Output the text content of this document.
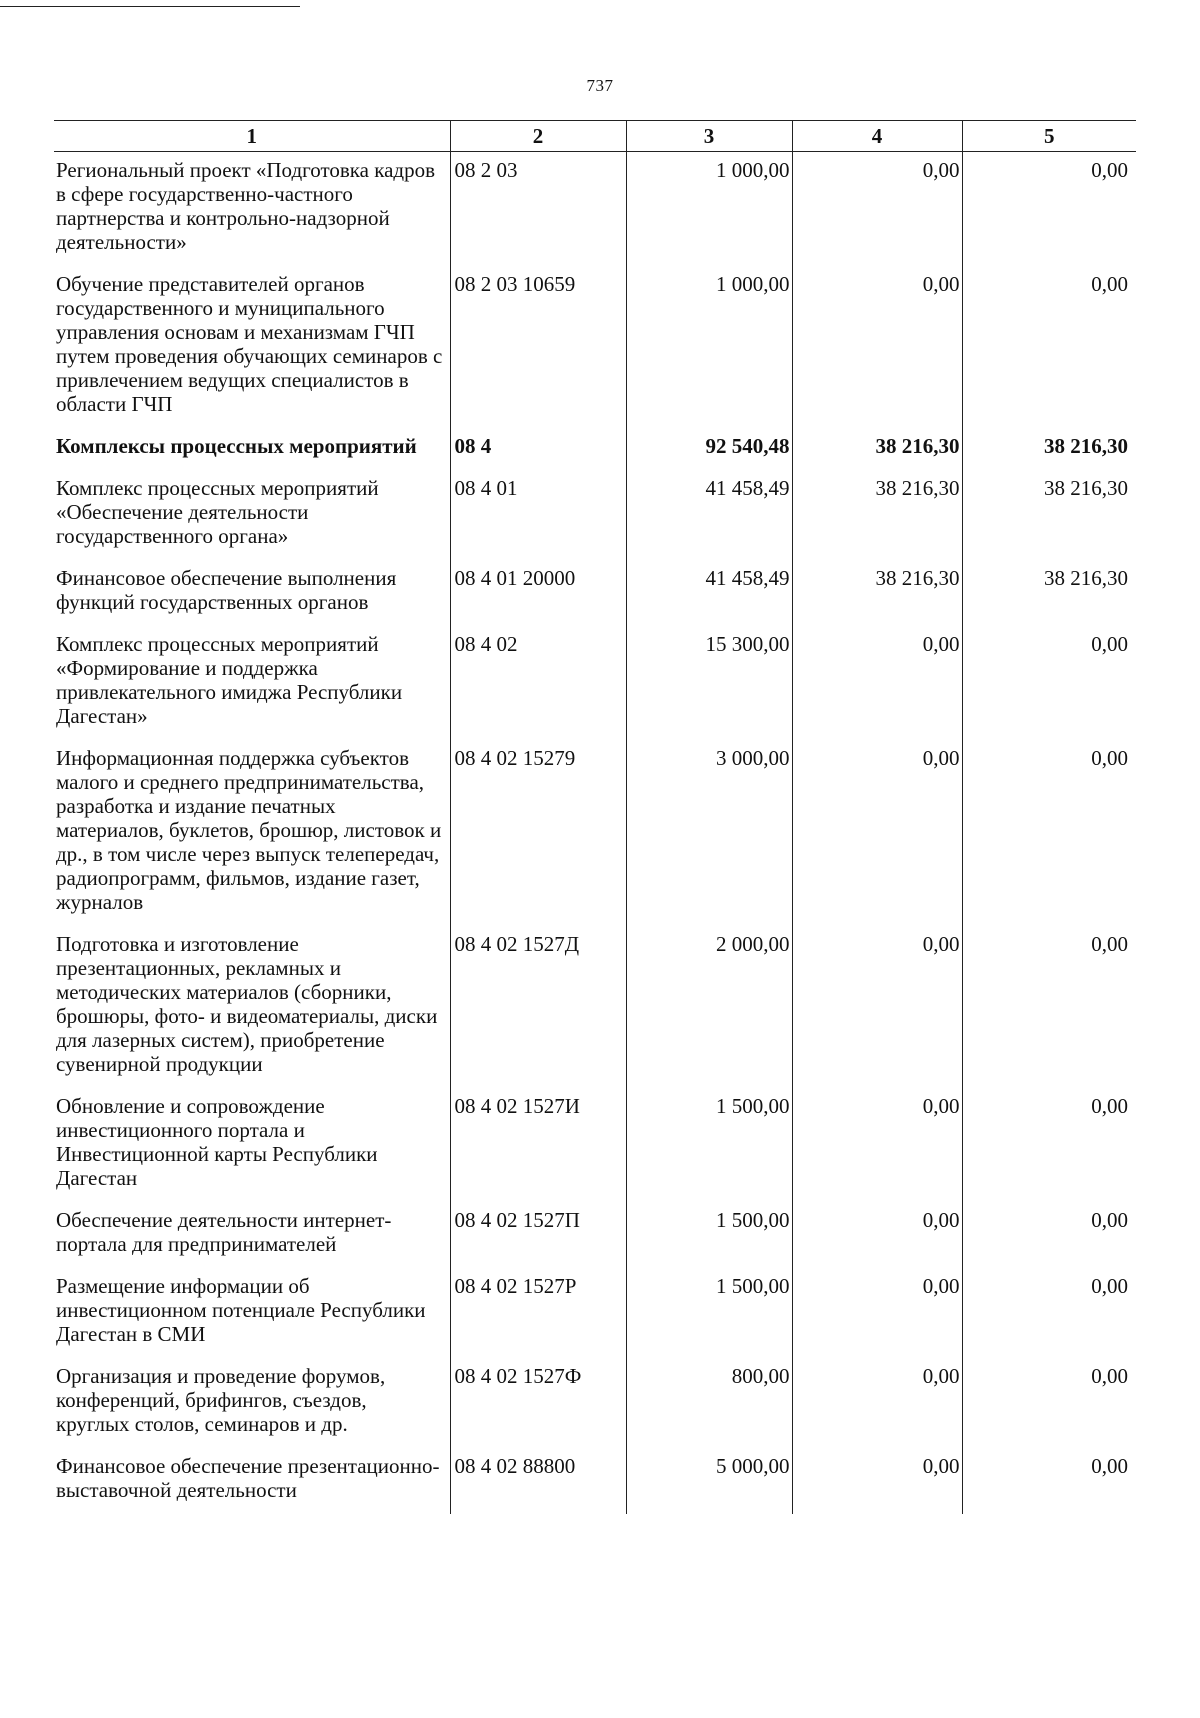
737
1	2	3	4	5
Региональный проект «Подготовка кадров в сфере государственно-частного партнерства и контрольно-надзорной деятельности»	08 2 03	1 000,00	0,00	0,00
Обучение представителей органов государственного и муниципального управления основам и механизмам ГЧП путем проведения обучающих семинаров с привлечением ведущих специалистов в области ГЧП	08 2 03 10659	1 000,00	0,00	0,00
Комплексы процессных мероприятий	08 4	92 540,48	38 216,30	38 216,30
Комплекс процессных мероприятий «Обеспечение деятельности государственного органа»	08 4 01	41 458,49	38 216,30	38 216,30
Финансовое обеспечение выполнения функций государственных органов	08 4 01 20000	41 458,49	38 216,30	38 216,30
Комплекс процессных мероприятий «Формирование и поддержка привлекательного имиджа Республики Дагестан»	08 4 02	15 300,00	0,00	0,00
Информационная поддержка субъектов малого и среднего предпринимательства, разработка и издание печатных материалов, буклетов, брошюр, листовок и др., в том числе через выпуск телепередач, радиопрограмм, фильмов, издание газет, журналов	08 4 02 15279	3 000,00	0,00	0,00
Подготовка и изготовление презентационных, рекламных и методических материалов (сборники, брошюры, фото- и видеоматериалы, диски для лазерных систем), приобретение сувенирной продукции	08 4 02 1527Д	2 000,00	0,00	0,00
Обновление и сопровождение инвестиционного портала и Инвестиционной карты Республики Дагестан	08 4 02 1527И	1 500,00	0,00	0,00
Обеспечение деятельности интернет-портала для предпринимателей	08 4 02 1527П	1 500,00	0,00	0,00
Размещение информации об инвестиционном потенциале Республики Дагестан в СМИ	08 4 02 1527Р	1 500,00	0,00	0,00
Организация и проведение форумов, конференций, брифингов, съездов, круглых столов, семинаров и др.	08 4 02 1527Ф	800,00	0,00	0,00
Финансовое обеспечение презентационно-выставочной деятельности	08 4 02 88800	5 000,00	0,00	0,00
